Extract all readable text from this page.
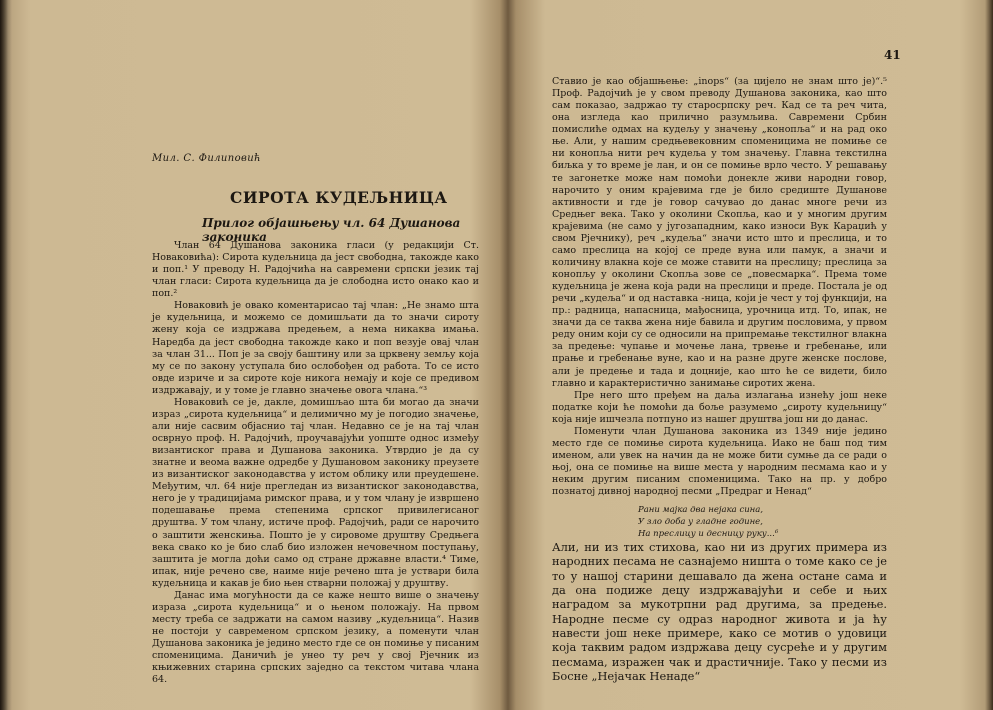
Мил. С. Филиповић
СИРОТА КУДЕЉНИЦА
Прилог објашњењу чл. 64 Душанова законика

Члан 64 Душанова законика гласи (у редакцији Ст. Новаковића): Сирота кудељница да јест свободна, такожде како и поп.¹ У преводу Н. Радојчића на савремени српски језик тај члан гласи: Сирота кудељница да је слободна исто онако као и поп.²

Новаковић је овако коментарисао тај члан: „Не знамо шта је кудељница, и можемо се домишљати да то значи сироту жену која се издржава предењем, а нема никаква имања. Наредба да јест свободна такожде како и поп везује овај члан за члан 31... Поп је за своју баштину или за црквену земљу која му се по закону уступала био ослобођен од работа. То се исто овде изриче и за сироте које никога немају и које се предивом издржавају, и у томе је главно значење овога члана.“³

Новаковић се је, дакле, домишљао шта би могао да значи израз „сирота кудељница“ и делимично му је погодио значење, али није сасвим објаснио тај члан. Недавно се је на тај члан осврнуо проф. Н. Радојчић, проучавајући уопште однос између византиског права и Душанова законика. Утврдио је да су знатне и веома важне одредбе у Душановом законику преузете из византиског законодавства у истом облику или преудешене. Међутим, чл. 64 није прегледан из византиског законодавства, него је у традицијама римског права, и у том члану је извршено подешавање према степенима српског привилегисаног друштва. У том члану, истиче проф. Радојчић, ради се нарочито о заштити женскиња. Пошто је у сировоме друштву Средњега века свако ко је био слаб био изложен нечовечном поступању, заштита је могла доћи само од стране државне власти.⁴ Тиме, ипак, није речено све, наиме није речено шта је уствари била кудељница и какав је био њен стварни положај у друштву.

Данас има могућности да се каже нешто више о значењу израза „сирота кудељница“ и о њеном положају. На првом месту треба се задржати на самом називу „кудељница“. Назив не постоји у савременом српском језику, а поменути члан Душанова законика је једино место где се он помиње у писаним споменицима. Даничић је унео ту реч у свој Рјечник из књижевних старина српских заједно са текстом читава члана 64.

41

Ставио је као објашњење: „inops“ (за цијело не знам што је)“.⁵ Проф. Радојчић је у свом преводу Душанова законика, као што сам показао, задржао ту старосрпску реч. Кад се та реч чита, она изгледа као прилично разумљива. Савремени Србин помислиће одмах на кудељу у значењу „конопља“ и на рад око ње. Али, у нашим средњевековним споменицима не помиње се ни конопља нити реч кудеља у том значењу. Главна текстилна биљка у то време је лан, и он се помиње врло често. У решавању те загонетке може нам помоћи донекле живи народни говор, нарочито у оним крајевима где је било средиште Душанове активности и где је говор сачувао до данас многе речи из Средњег века. Тако у околини Скопља, као и у многим другим крајевима (не само у југозападним, како износи Вук Караџић у свом Рјечнику), реч „кудеља“ значи исто што и преслица, и то само преслица на којој се преде вуна или памук, а значи и количину влакна које се може ставити на преслицу; преслица за конопљу у околини Скопља зове се „повесмарка“. Према томе кудељница је жена која ради на преслици и преде. Постала је од речи „кудеља“ и од наставка -ница, који је чест у тој функцији, на пр.: радница, напасница, мађосница, урочница итд. То, ипак, не значи да се таква жена није бавила и другим пословима, у првом реду оним који су се односили на припремање текстилног влакна за предење: чупање и мочење лана, трвење и гребенање, или прање и гребенање вуне, као и на разне друге женске послове, али је предење и тада и доцније, као што ће се видети, било главно и карактеристично занимање сиротих жена.

Пре него што пређем на даља излагања изнећу још неке податке који ће помоћи да боље разумемо „сироту кудељницу“ која није ишчезла потпуно из нашег друштва још ни до данас.

Поменути члан Душанова законика из 1349 није једино место где се помиње сирота кудељница. Иако не баш под тим именом, али увек на начин да не може бити сумње да се ради о њој, она се помиње на више места у народним песмама као и у неким другим писаним споменицима. Тако на пр. у добро познатој дивној народној песми „Предраг и Ненад“

Рани мајка два нејака сина,
У зло доба у гладне године,
На преслицу и десницу руку...⁶

Али, ни из тих стихова, као ни из других примера из народних песама не сазнајемо ништа о томе како се је то у нашој старини дешавало да жена остане сама и да она подиже децу издржавајући и себе и њих наградом за мукотрпни рад другима, за предење. Народне песме су одраз народног живота и ја ћу навести још неке примере, како се мотив о удовици која таквим радом издржава децу сусреће и у другим песмама, изражен чак и драстичније. Тако у песми из Босне „Нејачак Ненаде“
